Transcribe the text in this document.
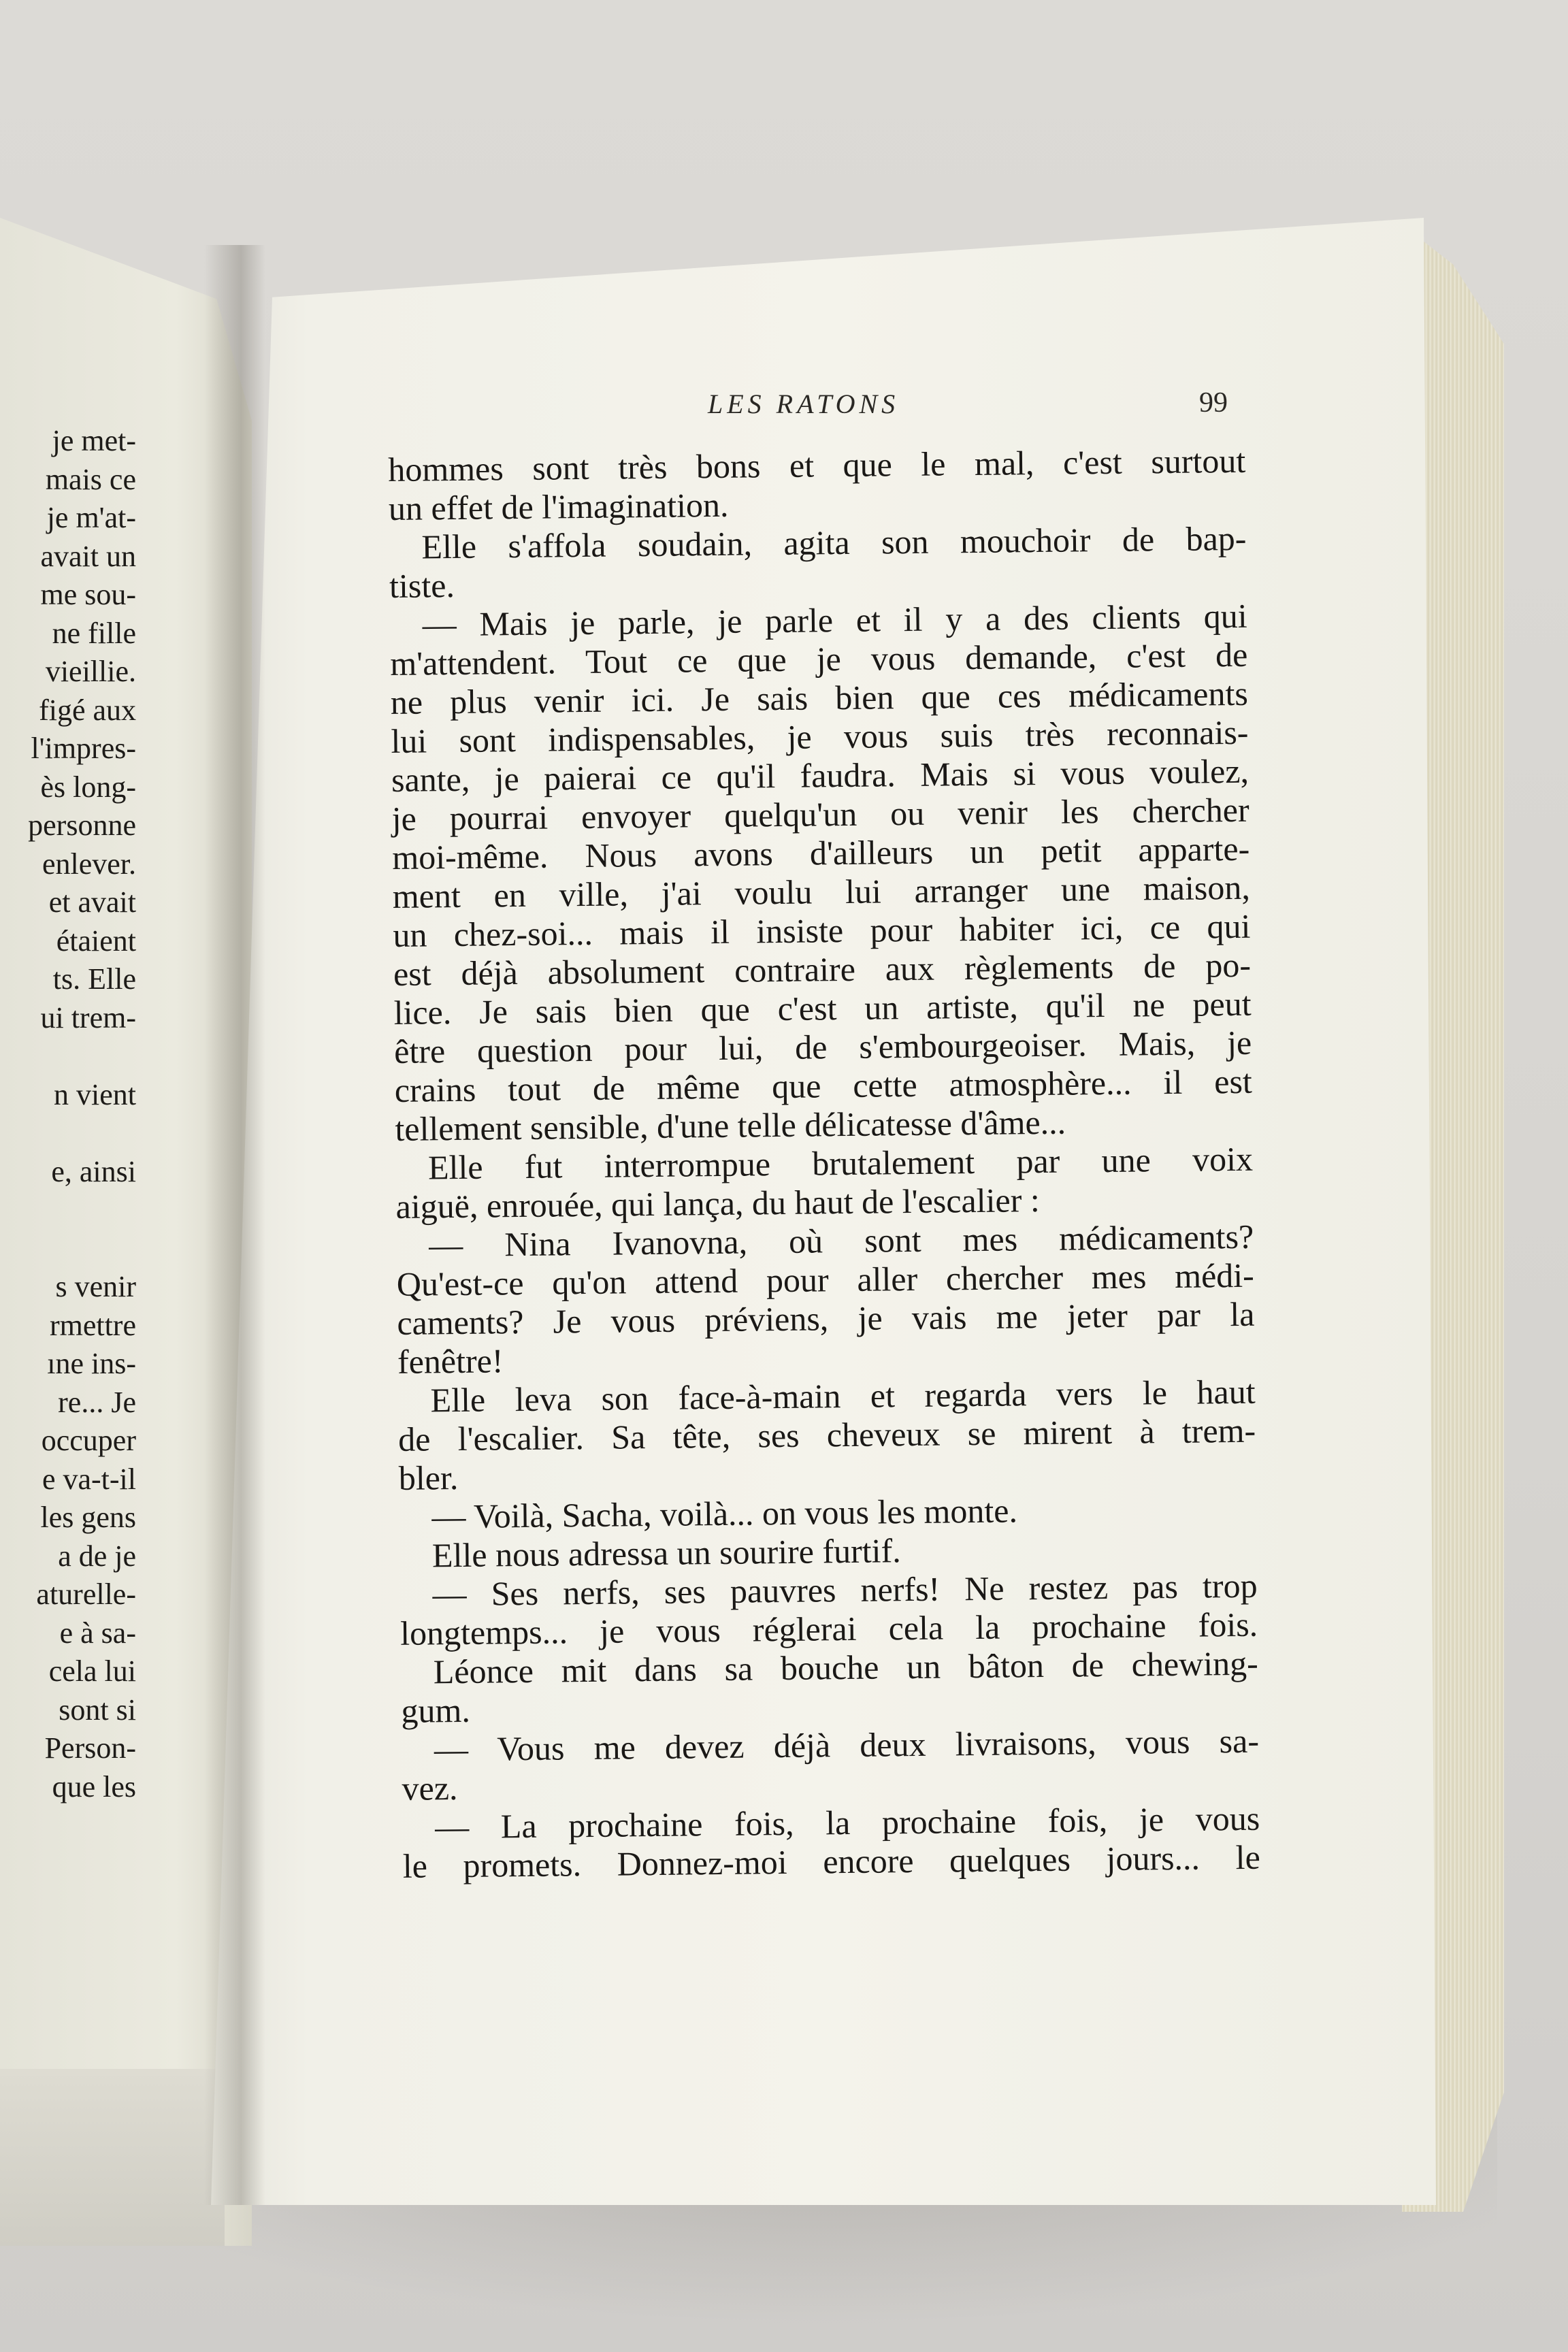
je met-
mais ce
je m'at-
avait un
me sou-
ne fille
vieillie.
figé aux
l'impres-
ès long-
personne
enlever.
et avait
étaient
ts. Elle
ui trem-
n vient
e, ainsi
s venir
rmettre
ıne ins-
re... Je
occuper
e va-t-il
les gens
a de je
aturelle-
e à sa-
cela lui
sont si
Person-
que les
LES RATONS	99
hommes sont très bons et que le mal, c'est surtout
un effet de l'imagination.
Elle s'affola soudain, agita son mouchoir de bap-
tiste.
— Mais je parle, je parle et il y a des clients qui
m'attendent. Tout ce que je vous demande, c'est de
ne plus venir ici. Je sais bien que ces médicaments
lui sont indispensables, je vous suis très reconnais-
sante, je paierai ce qu'il faudra. Mais si vous voulez,
je pourrai envoyer quelqu'un ou venir les chercher
moi-même. Nous avons d'ailleurs un petit apparte-
ment en ville, j'ai voulu lui arranger une maison,
un chez-soi... mais il insiste pour habiter ici, ce qui
est déjà absolument contraire aux règlements de po-
lice. Je sais bien que c'est un artiste, qu'il ne peut
être question pour lui, de s'embourgeoiser. Mais, je
crains tout de même que cette atmosphère... il est
tellement sensible, d'une telle délicatesse d'âme...
Elle fut interrompue brutalement par une voix
aiguë, enrouée, qui lança, du haut de l'escalier :
— Nina Ivanovna, où sont mes médicaments?
Qu'est-ce qu'on attend pour aller chercher mes médi-
caments? Je vous préviens, je vais me jeter par la
fenêtre!
Elle leva son face-à-main et regarda vers le haut
de l'escalier. Sa tête, ses cheveux se mirent à trem-
bler.
— Voilà, Sacha, voilà... on vous les monte.
Elle nous adressa un sourire furtif.
— Ses nerfs, ses pauvres nerfs! Ne restez pas trop
longtemps... je vous réglerai cela la prochaine fois.
Léonce mit dans sa bouche un bâton de chewing-
gum.
— Vous me devez déjà deux livraisons, vous sa-
vez.
— La prochaine fois, la prochaine fois, je vous
le promets. Donnez-moi encore quelques jours... le
